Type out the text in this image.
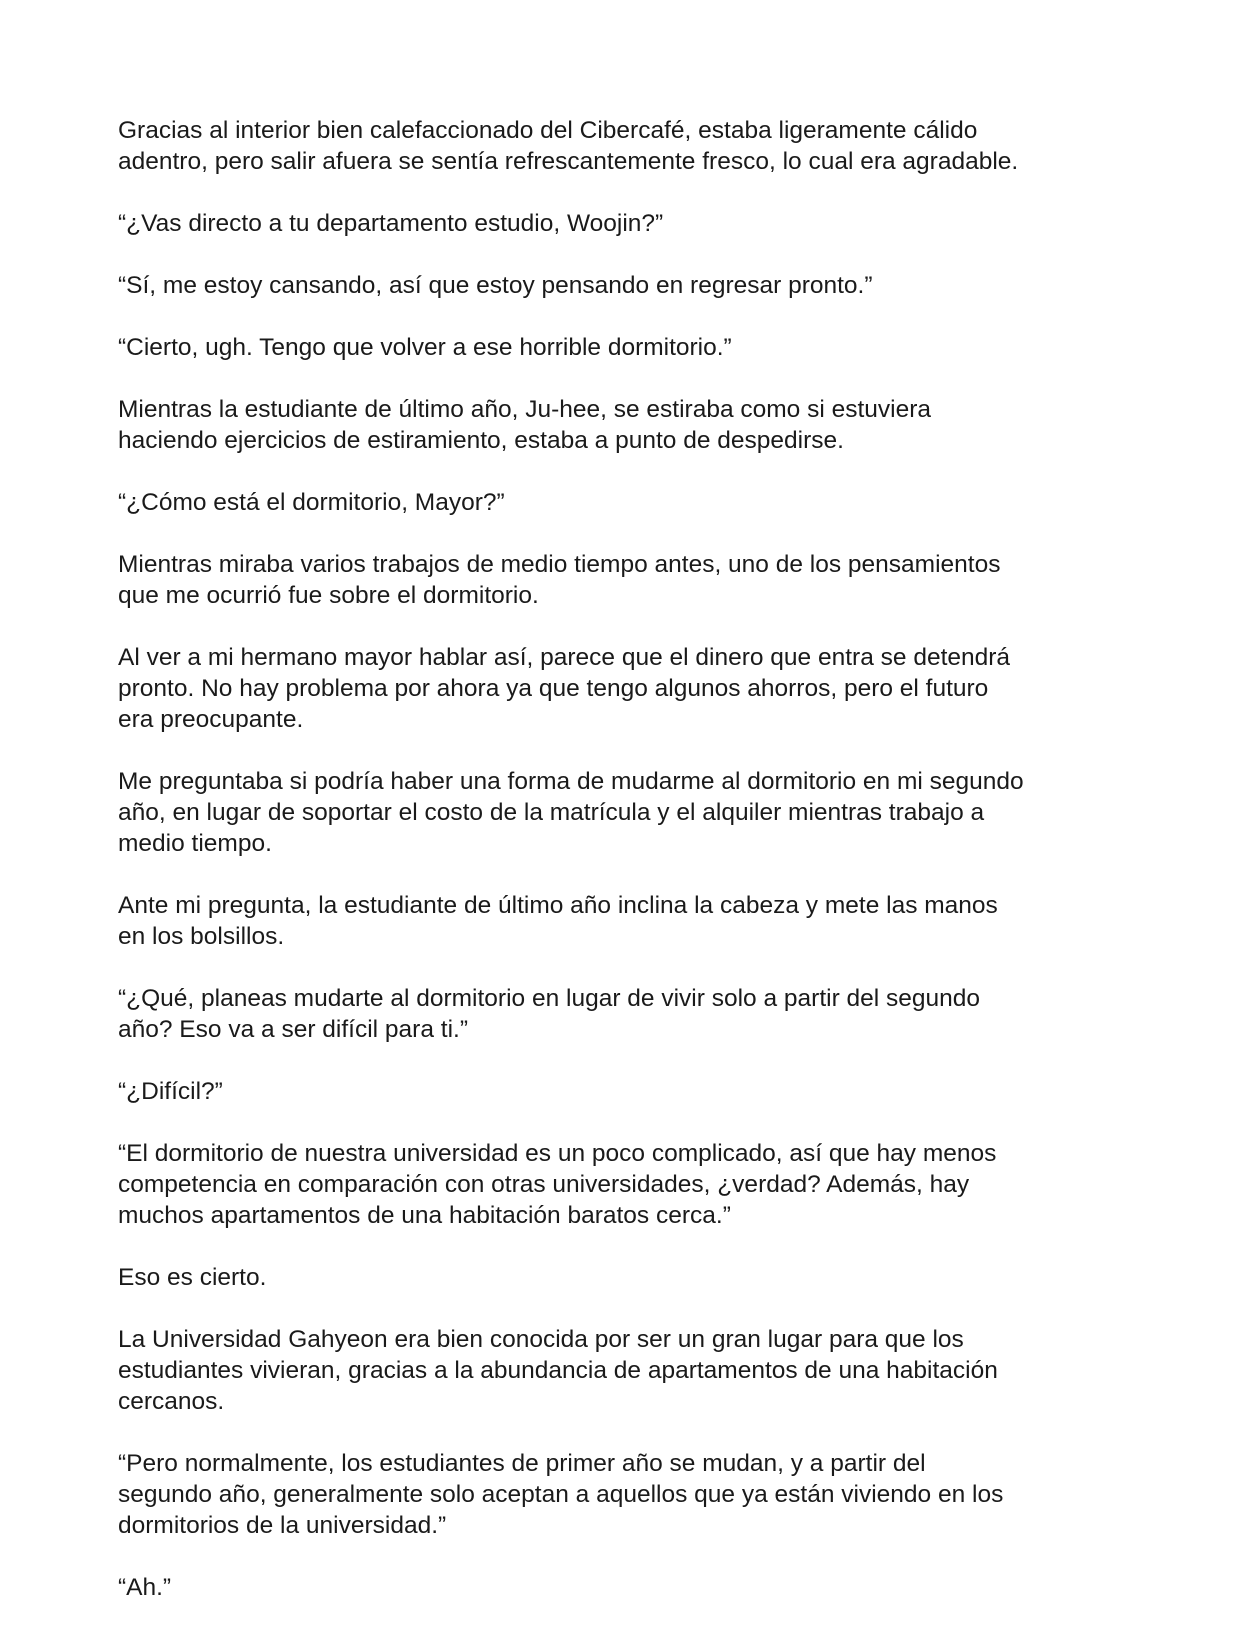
Gracias al interior bien calefaccionado del Cibercafé, estaba ligeramente cálido
adentro, pero salir afuera se sentía refrescantemente fresco, lo cual era agradable.

“¿Vas directo a tu departamento estudio, Woojin?”

“Sí, me estoy cansando, así que estoy pensando en regresar pronto.”

“Cierto, ugh. Tengo que volver a ese horrible dormitorio.”

Mientras la estudiante de último año, Ju-hee, se estiraba como si estuviera
haciendo ejercicios de estiramiento, estaba a punto de despedirse.

“¿Cómo está el dormitorio, Mayor?”

Mientras miraba varios trabajos de medio tiempo antes, uno de los pensamientos
que me ocurrió fue sobre el dormitorio.

Al ver a mi hermano mayor hablar así, parece que el dinero que entra se detendrá
pronto. No hay problema por ahora ya que tengo algunos ahorros, pero el futuro
era preocupante.

Me preguntaba si podría haber una forma de mudarme al dormitorio en mi segundo
año, en lugar de soportar el costo de la matrícula y el alquiler mientras trabajo a
medio tiempo.

Ante mi pregunta, la estudiante de último año inclina la cabeza y mete las manos
en los bolsillos.

“¿Qué, planeas mudarte al dormitorio en lugar de vivir solo a partir del segundo
año? Eso va a ser difícil para ti.”

“¿Difícil?”

“El dormitorio de nuestra universidad es un poco complicado, así que hay menos
competencia en comparación con otras universidades, ¿verdad? Además, hay
muchos apartamentos de una habitación baratos cerca.”

Eso es cierto.

La Universidad Gahyeon era bien conocida por ser un gran lugar para que los
estudiantes vivieran, gracias a la abundancia de apartamentos de una habitación
cercanos.

“Pero normalmente, los estudiantes de primer año se mudan, y a partir del
segundo año, generalmente solo aceptan a aquellos que ya están viviendo en los
dormitorios de la universidad.”

“Ah.”
